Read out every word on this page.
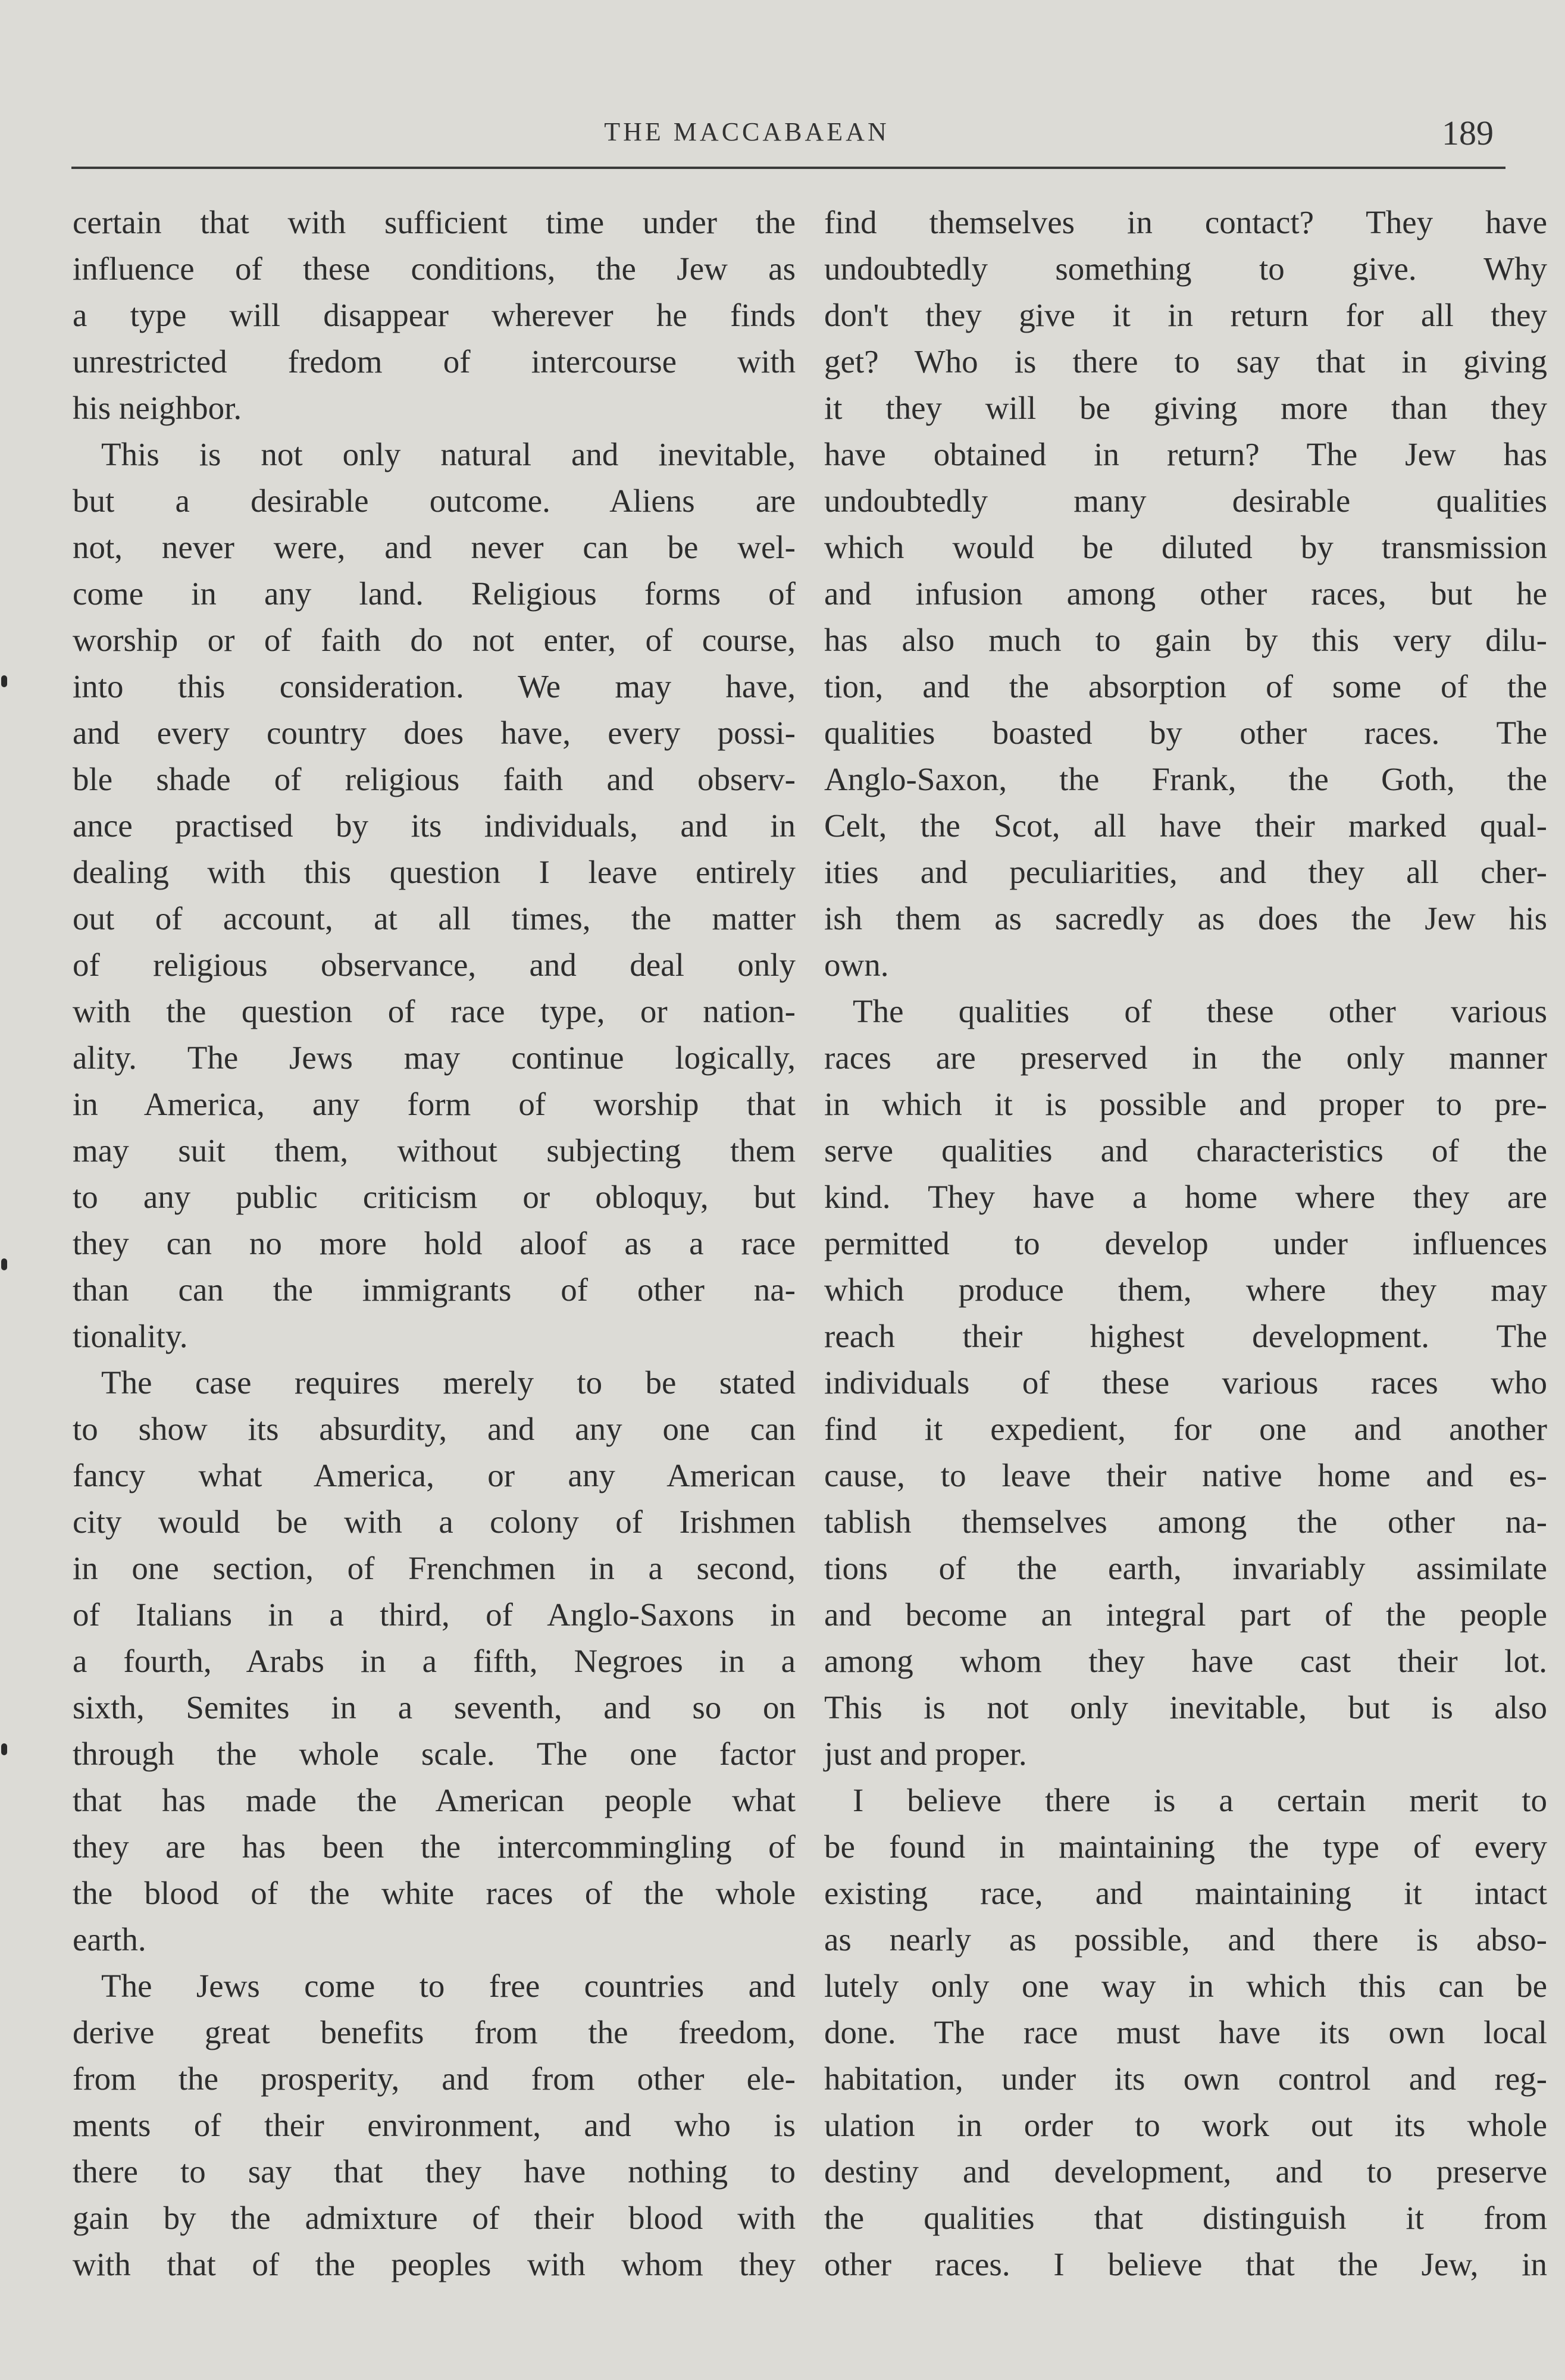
THE MACCABAEAN	189
certain that with sufficient time under the
influence of these conditions, the Jew as
a type will disappear wherever he finds
unrestricted fredom of intercourse with
his neighbor.
This is not only natural and inevitable,
but a desirable outcome. Aliens are
not, never were, and never can be wel-
come in any land. Religious forms of
worship or of faith do not enter, of course,
into this consideration. We may have,
and every country does have, every possi-
ble shade of religious faith and observ-
ance practised by its individuals, and in
dealing with this question I leave entirely
out of account, at all times, the matter
of religious observance, and deal only
with the question of race type, or nation-
ality. The Jews may continue logically,
in America, any form of worship that
may suit them, without subjecting them
to any public criticism or obloquy, but
they can no more hold aloof as a race
than can the immigrants of other na-
tionality.
The case requires merely to be stated
to show its absurdity, and any one can
fancy what America, or any American
city would be with a colony of Irishmen
in one section, of Frenchmen in a second,
of Italians in a third, of Anglo-Saxons in
a fourth, Arabs in a fifth, Negroes in a
sixth, Semites in a seventh, and so on
through the whole scale. The one factor
that has made the American people what
they are has been the intercommingling of
the blood of the white races of the whole
earth.
The Jews come to free countries and
derive great benefits from the freedom,
from the prosperity, and from other ele-
ments of their environment, and who is
there to say that they have nothing to
gain by the admixture of their blood with
with that of the peoples with whom they
find themselves in contact? They have
undoubtedly something to give. Why
don't they give it in return for all they
get? Who is there to say that in giving
it they will be giving more than they
have obtained in return? The Jew has
undoubtedly many desirable qualities
which would be diluted by transmission
and infusion among other races, but he
has also much to gain by this very dilu-
tion, and the absorption of some of the
qualities boasted by other races. The
Anglo-Saxon, the Frank, the Goth, the
Celt, the Scot, all have their marked qual-
ities and peculiarities, and they all cher-
ish them as sacredly as does the Jew his
own.
The qualities of these other various
races are preserved in the only manner
in which it is possible and proper to pre-
serve qualities and characteristics of the
kind. They have a home where they are
permitted to develop under influences
which produce them, where they may
reach their highest development. The
individuals of these various races who
find it expedient, for one and another
cause, to leave their native home and es-
tablish themselves among the other na-
tions of the earth, invariably assimilate
and become an integral part of the people
among whom they have cast their lot.
This is not only inevitable, but is also
just and proper.
I believe there is a certain merit to
be found in maintaining the type of every
existing race, and maintaining it intact
as nearly as possible, and there is abso-
lutely only one way in which this can be
done. The race must have its own local
habitation, under its own control and reg-
ulation in order to work out its whole
destiny and development, and to preserve
the qualities that distinguish it from
other races. I believe that the Jew, in
